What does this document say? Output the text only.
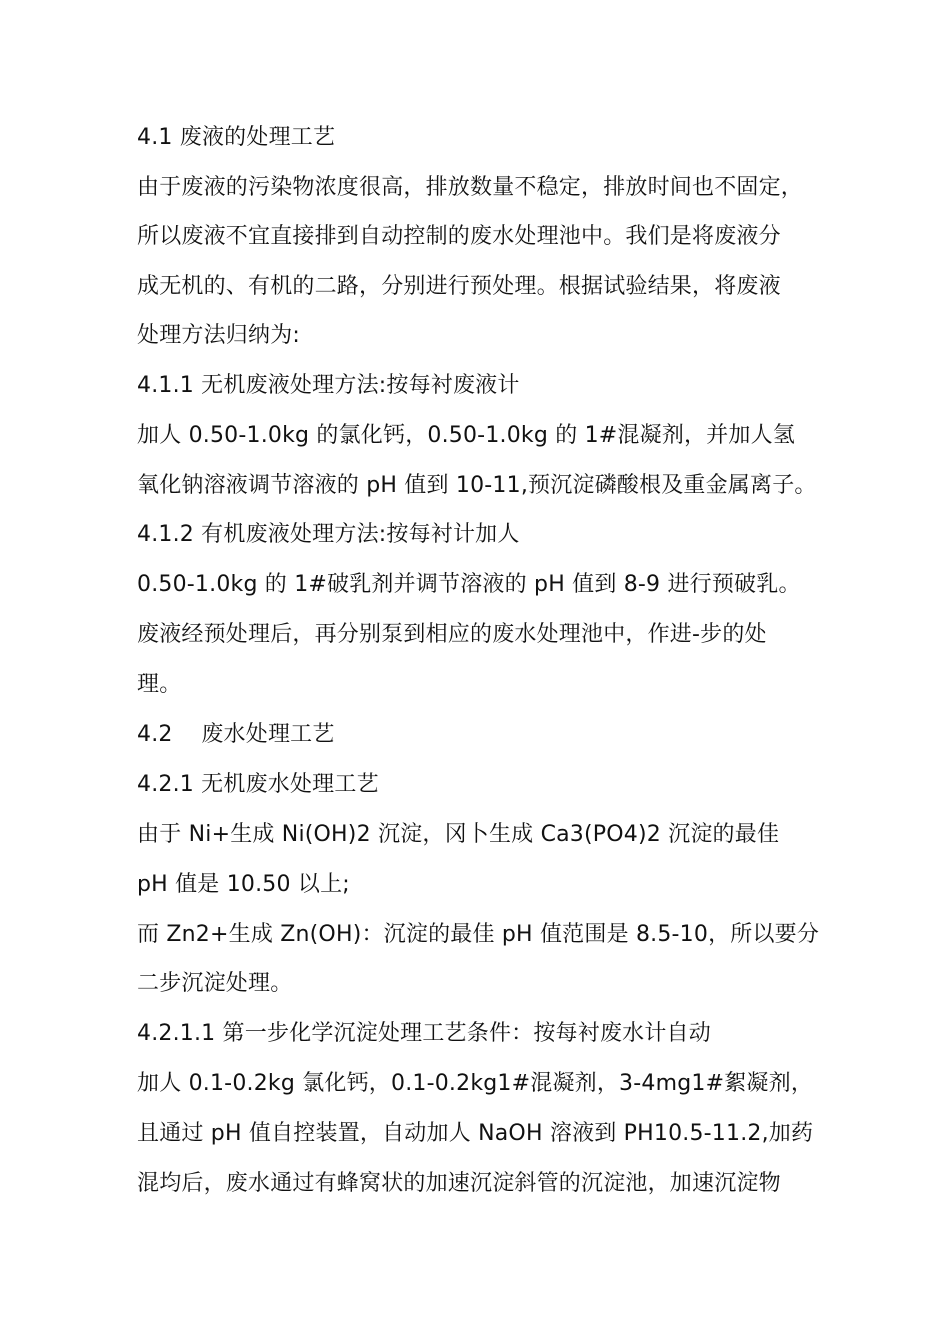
4.1 废液的处理工艺
由于废液的污染物浓度很高，排放数量不稳定，排放时间也不固定，
所以废液不宜直接排到自动控制的废水处理池中。我们是将废液分
成无机的、有机的二路，分别进行预处理。根据试验结果，将废液
处理方法归纳为:
4.1.1 无机废液处理方法:按每衬废液计
加人 0.50-1.0kg 的氯化钙，0.50-1.0kg 的 1#混凝剂，并加人氢
氧化钠溶液调节溶液的 pH 值到 10-11,预沉淀磷酸根及重金属离子。
4.1.2 有机废液处理方法:按每衬计加人
0.50-1.0kg 的 1#破乳剂并调节溶液的 pH 值到 8-9 进行预破乳。
废液经预处理后，再分别泵到相应的废水处理池中，作进-步的处
理。
4.2    废水处理工艺
4.2.1 无机废水处理工艺
由于 Ni+生成 Ni(OH)2 沉淀，冈卜生成 Ca3(PO4)2 沉淀的最佳
pH 值是 10.50 以上;
而 Zn2+生成 Zn(OH)：沉淀的最佳 pH 值范围是 8.5-10，所以要分
二步沉淀处理。
4.2.1.1 第一步化学沉淀处理工艺条件：按每衬废水计自动
加人 0.1-0.2kg 氯化钙，0.1-0.2kg1#混凝剂，3-4mg1#絮凝剂，
且通过 pH 值自控装置，自动加人 NaOH 溶液到 PH10.5-11.2,加药
混均后，废水通过有蜂窝状的加速沉淀斜管的沉淀池，加速沉淀物
